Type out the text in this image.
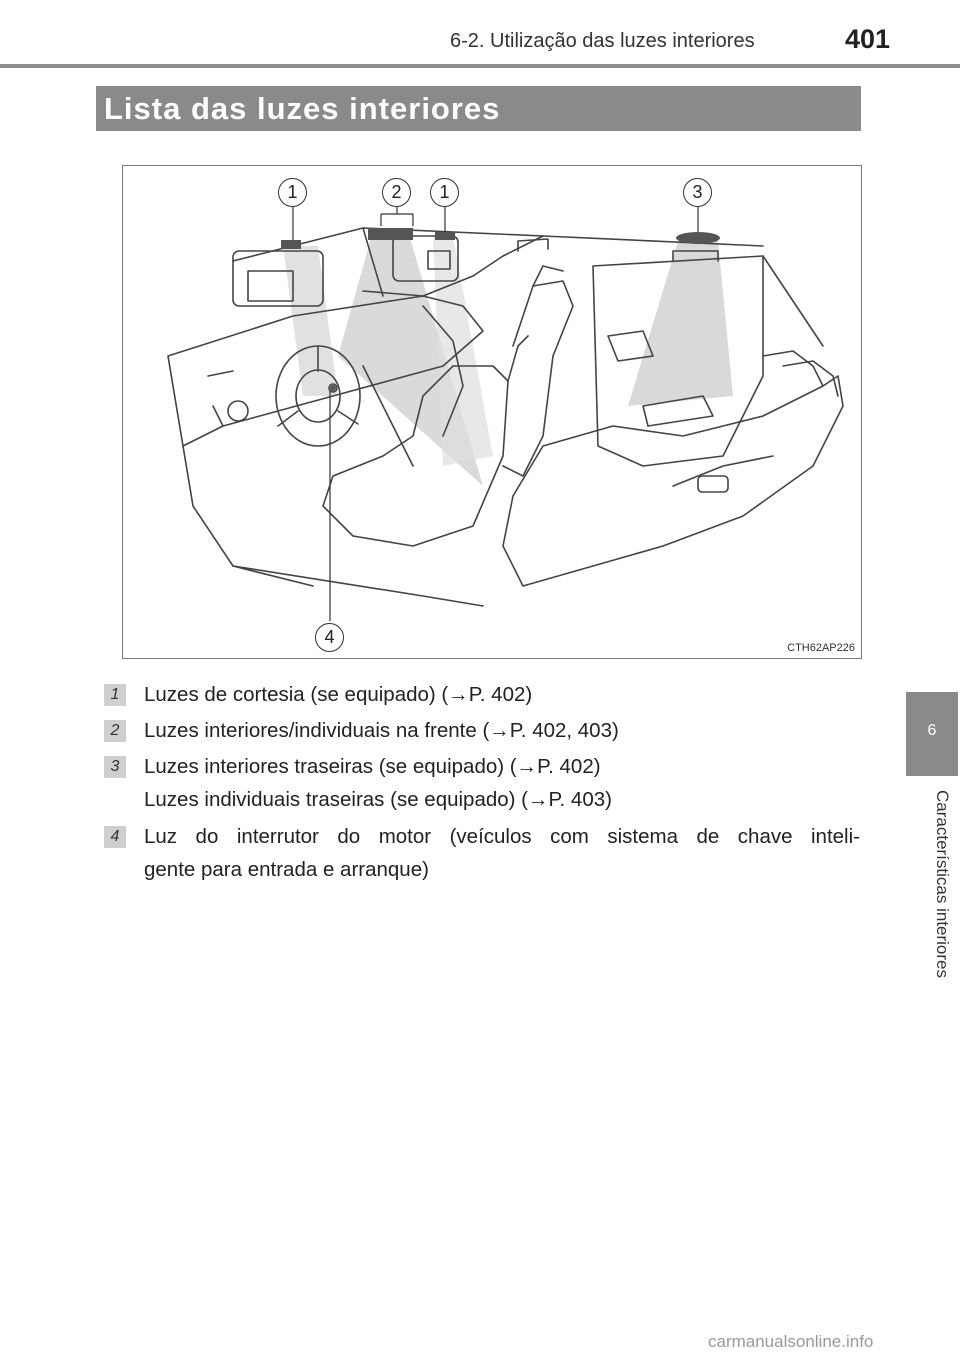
6-2. Utilização das luzes interiores	401
Lista das luzes interiores
1	2	1	3
4
CTH62AP226
1	Luzes de cortesia (se equipado) (→P. 402)
2	Luzes interiores/individuais na frente (→P. 402, 403)
3	Luzes interiores traseiras (se equipado) (→P. 402)
Luzes individuais traseiras (se equipado) (→P. 403)
4	Luz do interrutor do motor (veículos com sistema de chave inteli-
gente para entrada e arranque)
6
Características interiores
carmanualsonline.info
